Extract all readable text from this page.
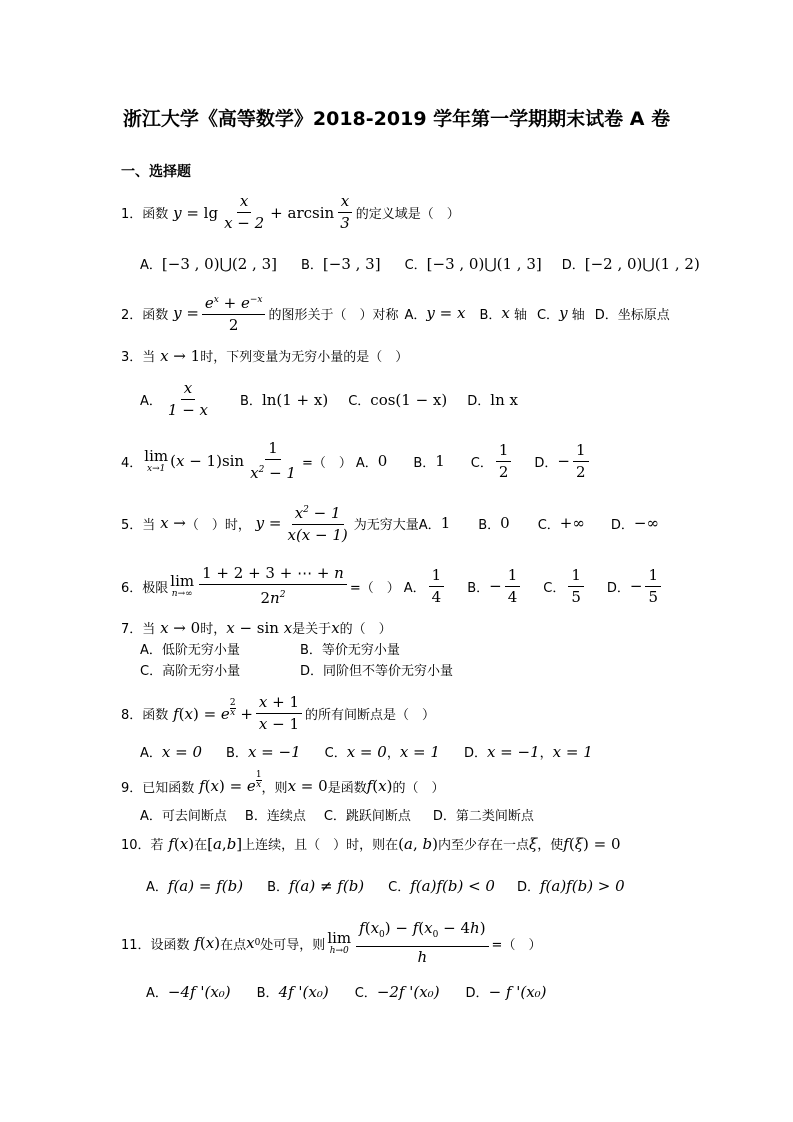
浙江大学《高等数学》2018-2019 学年第一学期期末试卷 A 卷
一、选择题
1． 函数 $y = \lg \frac{x}{x - 2} + \arcsin \frac{x}{3}$ 的定义域是（　）
A． [−3 , 0)⋃(2 , 3] B． [−3 , 3] C． [−3 , 0)⋃(1 , 3] D． [−2 , 0)⋃(1 , 2)
2． 函数 $y = \frac{e^x + e^{-x}}{2}$ 的图形关于（　）对称 A． y = x B． x
轴 C． y
轴 D． 坐标原点
3． 当 x → 1 时，下列变量为无穷小量的是（　）
A． $\frac{x}{1 - x}$ B． ln(1 + x) C． cos(1 − x) D． ln x
4． lim
x→1 $(x - 1)\sin \frac{1}{x^2 - 1}$ =（　） A． 0 B． 1 C． $\frac{1}{2}$ D． − $\frac{1}{2}$
5． 当 x → （　）时， $y = \frac{x^2 - 1}{x(x - 1)}$ 为无穷大量 A． 1 B． 0 C． +∞ D． −∞
6． 极限 lim
$n\to\infty \frac{1 + 2 + 3 + \cdots + n}{2n^2}$ =（　） A． $\frac{1}{4}$ B． − $\frac{1}{4}$ C． $\frac{1}{5}$ D． − $\frac{1}{5}$
7． 当 x → 0 时， x − sin x 是关于 x 的（　）
A．低阶无穷小量	B．等价无穷小量
C．高阶无穷小量	D．同阶但不等价无穷小量
8． 函数 f ( x ) = e $^{\frac{2}{x}} + \frac{x + 1}{x - 1}$ 的所有间断点是（　）
A． x = 0 B． x = −1 C． x = 0 ， x = 1 D． x = −1 ， x = 1
9． 已知函数 f ( x ) = e $^{\frac{1}{x}}$ ，则 x = 0 是函数 f ( x ) 的（　）
A．可去间断点 B．连续点 C．跳跃间断点 D．第二类间断点
10． 若 f ( x ) 在 [ a , b ] 上连续，且（　）时，则在 ( a , b ) 内至少存在一点 ξ ，使 f ( ξ ) = 0
A． f(a) = f(b) B． f(a) ≠ f(b) C． f(a)f(b) < 0 D． f(a)f(b) > 0
11． 设函数 f ( x ) 在点 x 0 处可导，则 lim
$h\to 0 \frac{f(x_0) - f(x_0 - 4h)}{h}$ =（　）
A． −4f '(x₀) B． 4f '(x₀) C． −2f '(x₀) D． − f '(x₀)
